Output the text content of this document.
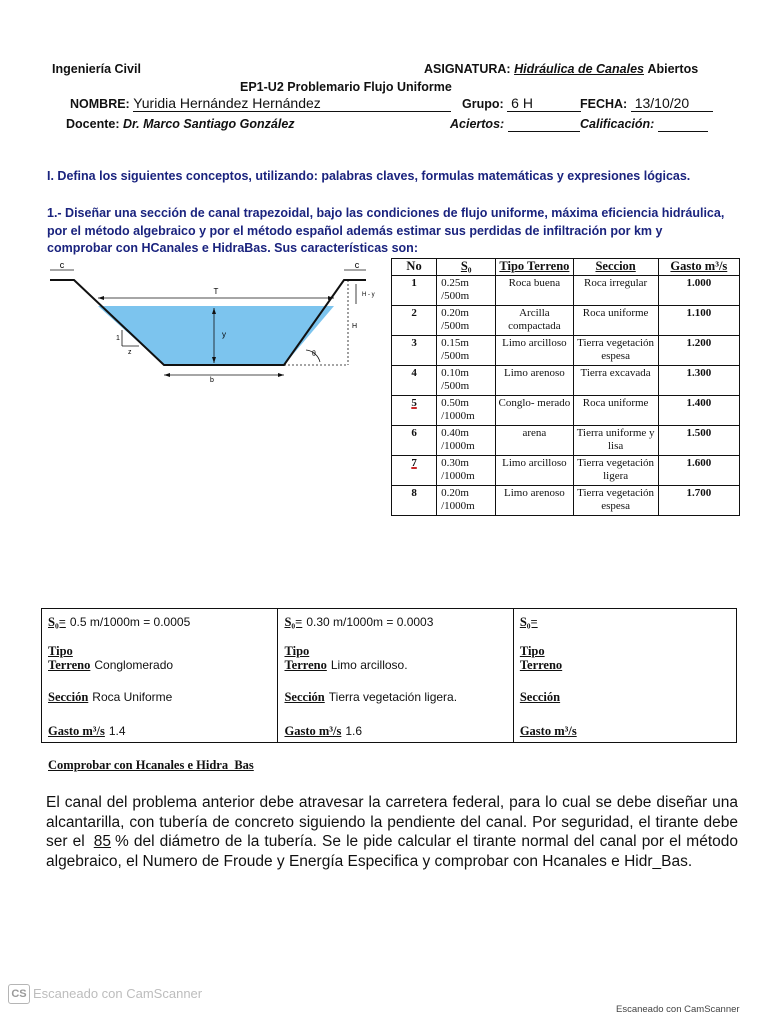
Ingeniería Civil	ASIGNATURA: Hidráulica de Canales Abiertos
EP1-U2 Problemario Flujo Uniforme
NOMBRE: Yuridia Hernández Hernández	Grupo: 6 H	FECHA: 13/10/20
Docente: Dr. Marco Santiago González	Aciertos:	Calificación:
I. Defina los siguientes conceptos, utilizando: palabras claves, formulas matemáticas y expresiones lógicas.
1.- Diseñar una sección de canal trapezoidal, bajo las condiciones de flujo uniforme, máxima eficiencia hidráulica, por el método algebraico y por el método español además estimar sus perdidas de infiltración por km y comprobar con HCanales e HidraBas. Sus características son:
c	c
T
y
H
H - y
1
z
b
θ
No	S₀	Tipo Terreno	Seccion	Gasto m³/s
1	0.25m /500m	Roca buena	Roca irregular	1.000
2	0.20m /500m	Arcilla compactada	Roca uniforme	1.100
3	0.15m /500m	Limo arcilloso	Tierra vegetación espesa	1.200
4	0.10m /500m	Limo arenoso	Tierra excavada	1.300
5	0.50m /1000m	Conglo- merado	Roca uniforme	1.400
6	0.40m /1000m	arena	Tierra uniforme y lisa	1.500
7	0.30m /1000m	Limo arcilloso	Tierra vegetación ligera	1.600
8	0.20m /1000m	Limo arenoso	Tierra vegetación espesa	1.700
S₀= 0.5 m/1000m = 0.0005
Tipo
Terreno Conglomerado
Sección Roca Uniforme
Gasto m³/s 1.4

S₀= 0.30 m/1000m = 0.0003
Tipo
Terreno Limo arcilloso.
Sección Tierra vegetación ligera.
Gasto m³/s 1.6

S₀=
Tipo
Terreno
Sección
Gasto m³/s
Comprobar con Hcanales e Hidra_Bas
El canal del problema anterior debe atravesar la carretera federal, para lo cual se debe diseñar una alcantarilla, con tubería de concreto siguiendo la pendiente del canal. Por seguridad, el tirante debe ser el 85 % del diámetro de la tubería. Se le pide calcular el tirante normal del canal por el método algebraico, el Numero de Froude y Energía Especifica y comprobar con Hcanales e Hidr_Bas.
CS Escaneado con CamScanner
Escaneado con CamScanner
